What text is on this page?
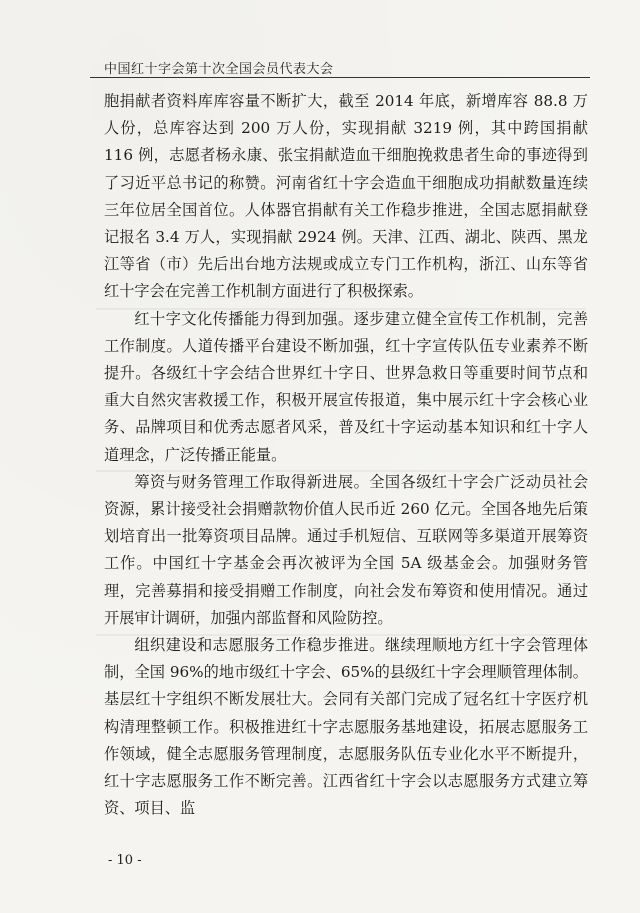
中国红十字会第十次全国会员代表大会

胞捐献者资料库库容量不断扩大，截至 2014 年底，新增库容 88.8 万人份，总库容达到 200 万人份，实现捐献 3219 例，其中跨国捐献 116 例，志愿者杨永康、张宝捐献造血干细胞挽救患者生命的事迹得到了习近平总书记的称赞。河南省红十字会造血干细胞成功捐献数量连续三年位居全国首位。人体器官捐献有关工作稳步推进，全国志愿捐献登记报名 3.4 万人，实现捐献 2924 例。天津、江西、湖北、陕西、黑龙江等省（市）先后出台地方法规或成立专门工作机构，浙江、山东等省红十字会在完善工作机制方面进行了积极探索。

红十字文化传播能力得到加强。逐步建立健全宣传工作机制，完善工作制度。人道传播平台建设不断加强，红十字宣传队伍专业素养不断提升。各级红十字会结合世界红十字日、世界急救日等重要时间节点和重大自然灾害救援工作，积极开展宣传报道，集中展示红十字会核心业务、品牌项目和优秀志愿者风采，普及红十字运动基本知识和红十字人道理念，广泛传播正能量。

筹资与财务管理工作取得新进展。全国各级红十字会广泛动员社会资源，累计接受社会捐赠款物价值人民币近 260 亿元。全国各地先后策划培育出一批筹资项目品牌。通过手机短信、互联网等多渠道开展筹资工作。中国红十字基金会再次被评为全国 5A 级基金会。加强财务管理，完善募捐和接受捐赠工作制度，向社会发布筹资和使用情况。通过开展审计调研，加强内部监督和风险防控。

组织建设和志愿服务工作稳步推进。继续理顺地方红十字会管理体制，全国 96%的地市级红十字会、65%的县级红十字会理顺管理体制。基层红十字组织不断发展壮大。会同有关部门完成了冠名红十字医疗机构清理整顿工作。积极推进红十字志愿服务基地建设，拓展志愿服务工作领域，健全志愿服务管理制度，志愿服务队伍专业化水平不断提升，红十字志愿服务工作不断完善。江西省红十字会以志愿服务方式建立筹资、项目、监

- 10 -
